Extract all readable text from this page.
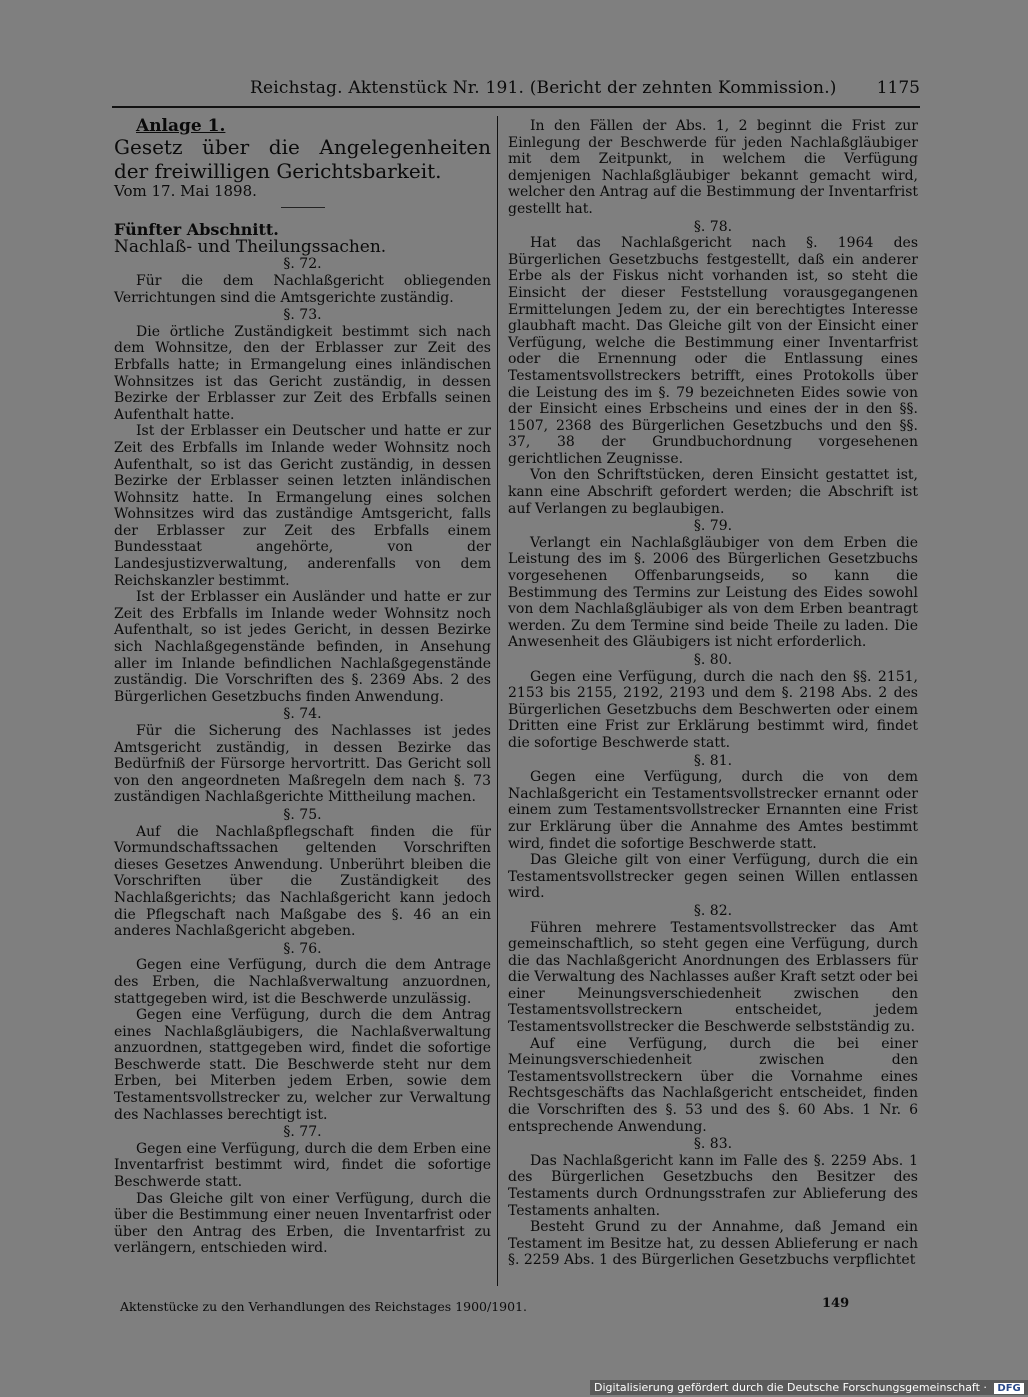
Reichstag. Aktenstück Nr. 191. (Bericht der zehnten Kommission.) 1175

Anlage 1.

Gesetz über die Angelegenheiten der freiwilligen Gerichtsbarkeit.

Vom 17. Mai 1898.

Fünfter Abschnitt.

Nachlaß- und Theilungssachen.

§. 72.

Für die dem Nachlaßgericht obliegenden Verrichtungen sind die Amtsgerichte zuständig.

§. 73.

Die örtliche Zuständigkeit bestimmt sich nach dem Wohnsitze, den der Erblasser zur Zeit des Erbfalls hatte; in Ermangelung eines inländischen Wohnsitzes ist das Gericht zuständig, in dessen Bezirke der Erblasser zur Zeit des Erbfalls seinen Aufenthalt hatte.

Ist der Erblasser ein Deutscher und hatte er zur Zeit des Erbfalls im Inlande weder Wohnsitz noch Aufenthalt, so ist das Gericht zuständig, in dessen Bezirke der Erblasser seinen letzten inländischen Wohnsitz hatte. In Ermangelung eines solchen Wohnsitzes wird das zuständige Amtsgericht, falls der Erblasser zur Zeit des Erbfalls einem Bundesstaat angehörte, von der Landesjustizverwaltung, anderenfalls von dem Reichskanzler bestimmt.

Ist der Erblasser ein Ausländer und hatte er zur Zeit des Erbfalls im Inlande weder Wohnsitz noch Aufenthalt, so ist jedes Gericht, in dessen Bezirke sich Nachlaßgegenstände befinden, in Ansehung aller im Inlande befindlichen Nachlaßgegenstände zuständig. Die Vorschriften des §. 2369 Abs. 2 des Bürgerlichen Gesetzbuchs finden Anwendung.

§. 74.

Für die Sicherung des Nachlasses ist jedes Amtsgericht zuständig, in dessen Bezirke das Bedürfniß der Fürsorge hervortritt. Das Gericht soll von den angeordneten Maßregeln dem nach §. 73 zuständigen Nachlaßgerichte Mittheilung machen.

§. 75.

Auf die Nachlaßpflegschaft finden die für Vormundschaftssachen geltenden Vorschriften dieses Gesetzes Anwendung. Unberührt bleiben die Vorschriften über die Zuständigkeit des Nachlaßgerichts; das Nachlaßgericht kann jedoch die Pflegschaft nach Maßgabe des §. 46 an ein anderes Nachlaßgericht abgeben.

§. 76.

Gegen eine Verfügung, durch die dem Antrage des Erben, die Nachlaßverwaltung anzuordnen, stattgegeben wird, ist die Beschwerde unzulässig.

Gegen eine Verfügung, durch die dem Antrag eines Nachlaßgläubigers, die Nachlaßverwaltung anzuordnen, stattgegeben wird, findet die sofortige Beschwerde statt. Die Beschwerde steht nur dem Erben, bei Miterben jedem Erben, sowie dem Testamentsvollstrecker zu, welcher zur Verwaltung des Nachlasses berechtigt ist.

§. 77.

Gegen eine Verfügung, durch die dem Erben eine Inventarfrist bestimmt wird, findet die sofortige Beschwerde statt.

Das Gleiche gilt von einer Verfügung, durch die über die Bestimmung einer neuen Inventarfrist oder über den Antrag des Erben, die Inventarfrist zu verlängern, entschieden wird.

In den Fällen der Abs. 1, 2 beginnt die Frist zur Einlegung der Beschwerde für jeden Nachlaßgläubiger mit dem Zeitpunkt, in welchem die Verfügung demjenigen Nachlaßgläubiger bekannt gemacht wird, welcher den Antrag auf die Bestimmung der Inventarfrist gestellt hat.

§. 78.

Hat das Nachlaßgericht nach §. 1964 des Bürgerlichen Gesetzbuchs festgestellt, daß ein anderer Erbe als der Fiskus nicht vorhanden ist, so steht die Einsicht der dieser Feststellung vorausgegangenen Ermittelungen Jedem zu, der ein berechtigtes Interesse glaubhaft macht. Das Gleiche gilt von der Einsicht einer Verfügung, welche die Bestimmung einer Inventarfrist oder die Ernennung oder die Entlassung eines Testamentsvollstreckers betrifft, eines Protokolls über die Leistung des im §. 79 bezeichneten Eides sowie von der Einsicht eines Erbscheins und eines der in den §§. 1507, 2368 des Bürgerlichen Gesetzbuchs und den §§. 37, 38 der Grundbuchordnung vorgesehenen gerichtlichen Zeugnisse.

Von den Schriftstücken, deren Einsicht gestattet ist, kann eine Abschrift gefordert werden; die Abschrift ist auf Verlangen zu beglaubigen.

§. 79.

Verlangt ein Nachlaßgläubiger von dem Erben die Leistung des im §. 2006 des Bürgerlichen Gesetzbuchs vorgesehenen Offenbarungseids, so kann die Bestimmung des Termins zur Leistung des Eides sowohl von dem Nachlaßgläubiger als von dem Erben beantragt werden. Zu dem Termine sind beide Theile zu laden. Die Anwesenheit des Gläubigers ist nicht erforderlich.

§. 80.

Gegen eine Verfügung, durch die nach den §§. 2151, 2153 bis 2155, 2192, 2193 und dem §. 2198 Abs. 2 des Bürgerlichen Gesetzbuchs dem Beschwerten oder einem Dritten eine Frist zur Erklärung bestimmt wird, findet die sofortige Beschwerde statt.

§. 81.

Gegen eine Verfügung, durch die von dem Nachlaßgericht ein Testamentsvollstrecker ernannt oder einem zum Testamentsvollstrecker Ernannten eine Frist zur Erklärung über die Annahme des Amtes bestimmt wird, findet die sofortige Beschwerde statt.

Das Gleiche gilt von einer Verfügung, durch die ein Testamentsvollstrecker gegen seinen Willen entlassen wird.

§. 82.

Führen mehrere Testamentsvollstrecker das Amt gemeinschaftlich, so steht gegen eine Verfügung, durch die das Nachlaßgericht Anordnungen des Erblassers für die Verwaltung des Nachlasses außer Kraft setzt oder bei einer Meinungsverschiedenheit zwischen den Testamentsvollstreckern entscheidet, jedem Testamentsvollstrecker die Beschwerde selbstständig zu.

Auf eine Verfügung, durch die bei einer Meinungsverschiedenheit zwischen den Testamentsvollstreckern über die Vornahme eines Rechtsgeschäfts das Nachlaßgericht entscheidet, finden die Vorschriften des §. 53 und des §. 60 Abs. 1 Nr. 6 entsprechende Anwendung.

§. 83.

Das Nachlaßgericht kann im Falle des §. 2259 Abs. 1 des Bürgerlichen Gesetzbuchs den Besitzer des Testaments durch Ordnungsstrafen zur Ablieferung des Testaments anhalten.

Besteht Grund zu der Annahme, daß Jemand ein Testament im Besitze hat, zu dessen Ablieferung er nach §. 2259 Abs. 1 des Bürgerlichen Gesetzbuchs verpflichtet

Aktenstücke zu den Verhandlungen des Reichstages 1900/1901.	149
Digitalisierung gefördert durch die Deutsche Forschungsgemeinschaft · DFG
